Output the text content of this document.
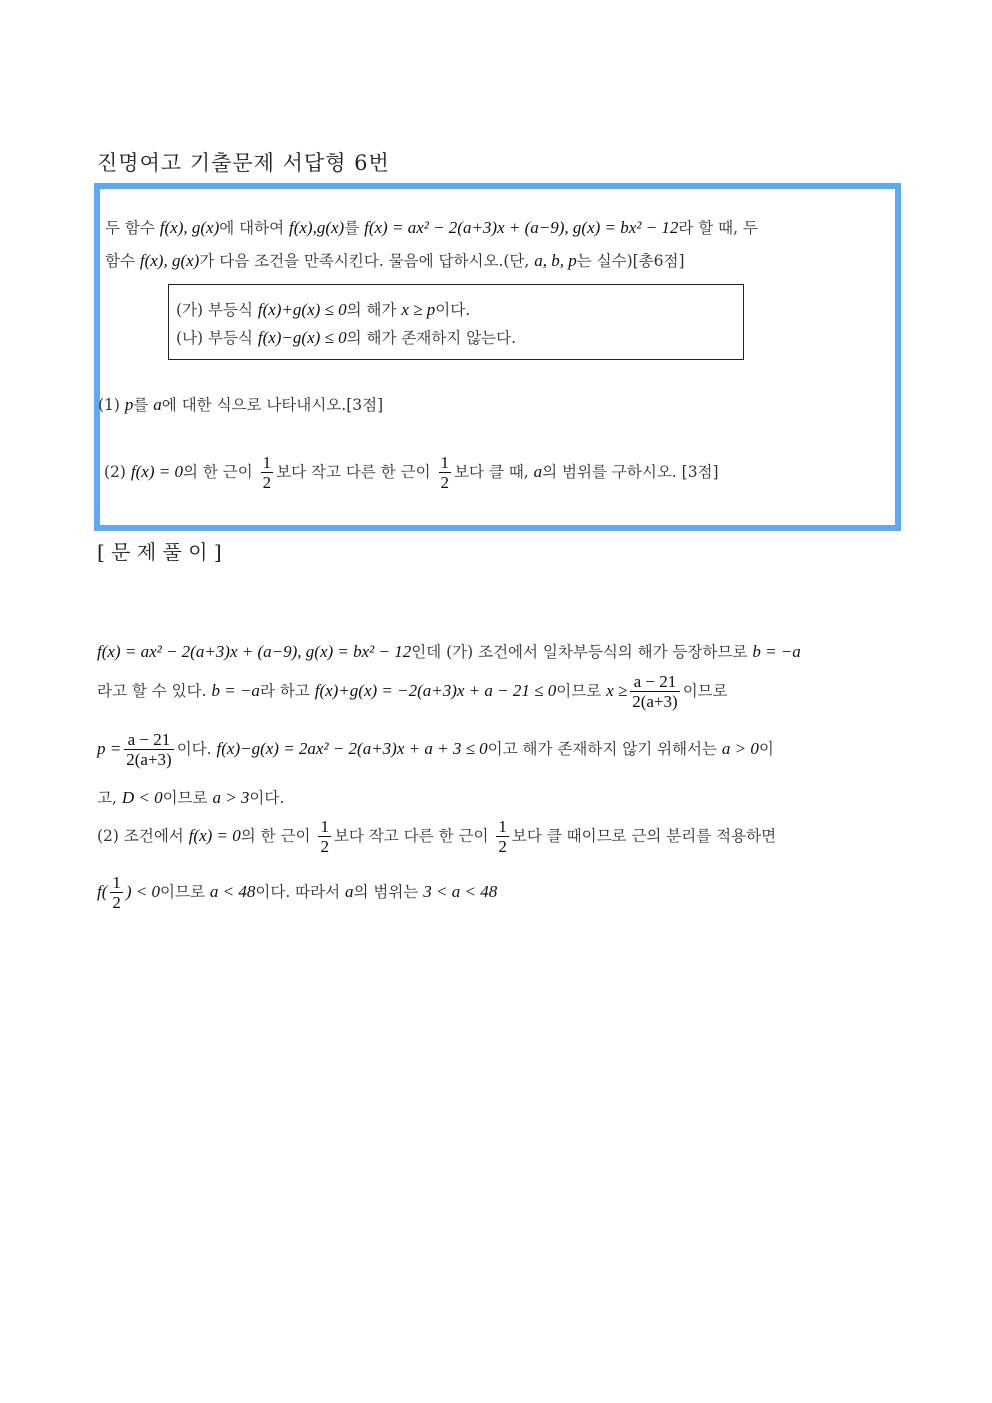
진명여고 기출문제 서답형 6번
두 함수 f(x), g(x)에 대하여 f(x),g(x)를 f(x) = ax² − 2(a+3)x + (a−9), g(x) = bx² − 12라 할 때, 두
함수 f(x), g(x)가 다음 조건을 만족시킨다. 물음에 답하시오.(단, a, b, p는 실수)[총6점]
(가) 부등식 f(x)+g(x) ≤ 0의 해가 x ≥ p이다.
(나) 부등식 f(x)−g(x) ≤ 0의 해가 존재하지 않는다.
(1) p를 a에 대한 식으로 나타내시오.[3점]
(2) f(x) = 0의 한 근이 $\frac{1}{2}$ 보다 작고 다른 한 근이 $\frac{1}{2}$ 보다 클 때, a의 범위를 구하시오. [3점]
[ 문 제 풀 이 ]
f(x) = ax² − 2(a+3)x + (a−9), g(x) = bx² − 12인데 (가) 조건에서 일차부등식의 해가 등장하므로 b = −a
라고 할 수 있다. b = −a라 하고 f(x)+g(x) = −2(a+3)x + a − 21 ≤ 0이므로 $x \ge \frac{a - 21}{2(a+3)}$ 이므로
$p = \frac{a - 21}{2(a+3)}$ 이다. f(x)−g(x) = 2ax² − 2(a+3)x + a + 3 ≤ 0이고 해가 존재하지 않기 위해서는 a > 0이
고, D < 0이므로 a > 3이다.
(2) 조건에서 f(x) = 0의 한 근이 $\frac{1}{2}$ 보다 작고 다른 한 근이 $\frac{1}{2}$ 보다 클 때이므로 근의 분리를 적용하면
$f( \frac{1}{2}$ ) < 0이므로 a < 48이다. 따라서 a의 범위는 3 < a < 48
